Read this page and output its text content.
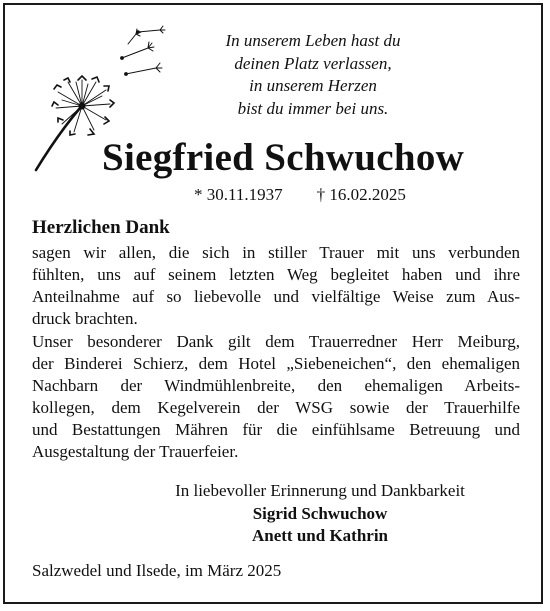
In unserem Leben hast du
deinen Platz verlassen,
in unserem Herzen
bist du immer bei uns.
Siegfried Schwuchow
* 30.11.1937 † 16.02.2025
Herzlichen Dank
sagen wir allen, die sich in stiller Trauer mit uns verbunden
fühlten, uns auf seinem letzten Weg begleitet haben und ihre
Anteilnahme auf so liebevolle und vielfältige Weise zum Aus-
druck brachten.
Unser besonderer Dank gilt dem Trauerredner Herr Meiburg,
der Binderei Schierz, dem Hotel „Siebeneichen“, den ehemaligen
Nachbarn der Windmühlenbreite, den ehemaligen Arbeits-
kollegen, dem Kegelverein der WSG sowie der Trauerhilfe
und Bestattungen Mähren für die einfühlsame Betreuung und
Ausgestaltung der Trauerfeier.
In liebevoller Erinnerung und Dankbarkeit
Sigrid Schwuchow
Anett und Kathrin
Salzwedel und Ilsede, im März 2025
